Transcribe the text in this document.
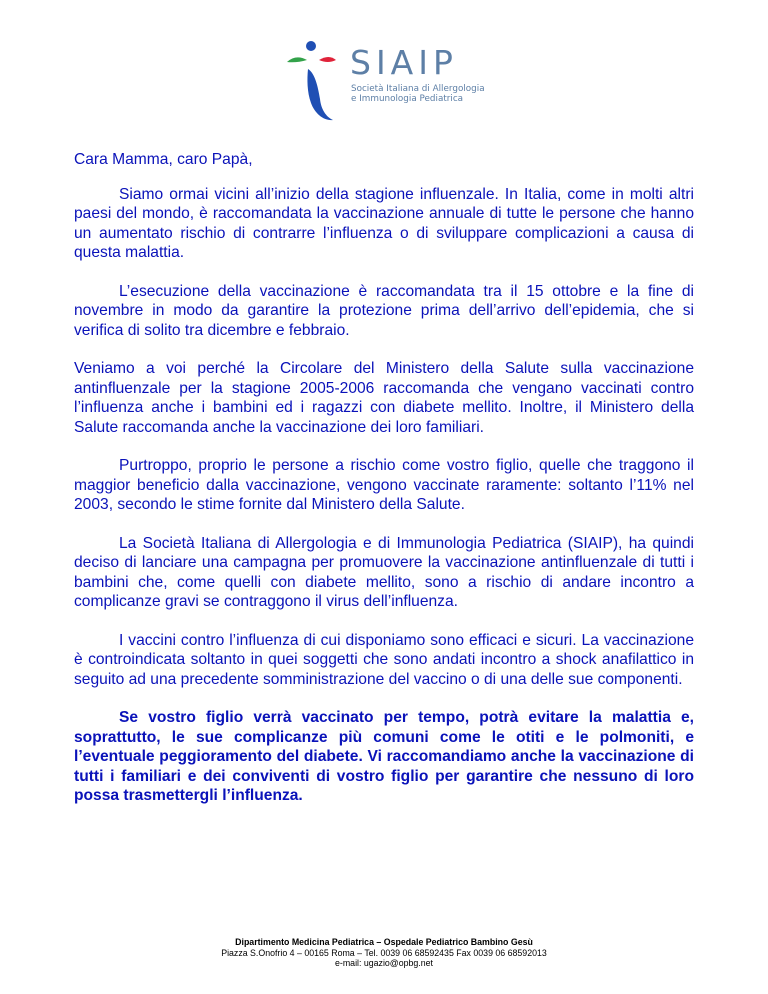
SIAIP
Società Italiana di Allergologia
e Immunologia Pediatrica

Cara Mamma, caro Papà,

Siamo ormai vicini all’inizio della stagione influenzale. In Italia, come in molti altri paesi del mondo, è raccomandata la vaccinazione annuale di tutte le persone che hanno un aumentato rischio di contrarre l’influenza o di sviluppare complicazioni a causa di questa malattia.

L’esecuzione della vaccinazione è raccomandata tra il 15 ottobre e la fine di novembre in modo da garantire la protezione prima dell’arrivo dell’epidemia, che si verifica di solito tra dicembre e febbraio.

Veniamo a voi perché la Circolare del Ministero della Salute sulla vaccinazione antinfluenzale per la stagione 2005-2006 raccomanda che vengano vaccinati contro l’influenza anche i bambini ed i ragazzi con diabete mellito. Inoltre, il Ministero della Salute raccomanda anche la vaccinazione dei loro familiari.

Purtroppo, proprio le persone a rischio come vostro figlio, quelle che traggono il maggior beneficio dalla vaccinazione, vengono vaccinate raramente: soltanto l’11% nel 2003, secondo le stime fornite dal Ministero della Salute.

La Società Italiana di Allergologia e di Immunologia Pediatrica (SIAIP), ha quindi deciso di lanciare una campagna per promuovere la vaccinazione antinfluenzale di tutti i bambini che, come quelli con diabete mellito, sono a rischio di andare incontro a complicanze gravi se contraggono il virus dell’influenza.

I vaccini contro l’influenza di cui disponiamo sono efficaci e sicuri. La vaccinazione è controindicata soltanto in quei soggetti che sono andati incontro a shock anafilattico in seguito ad una precedente somministrazione del vaccino o di una delle sue componenti.

Se vostro figlio verrà vaccinato per tempo, potrà evitare la malattia e, soprattutto, le sue complicanze più comuni come le otiti e le polmoniti, e l’eventuale peggioramento del diabete. Vi raccomandiamo anche la vaccinazione di tutti i familiari e dei conviventi di vostro figlio per garantire che nessuno di loro possa trasmettergli l’influenza.

Dipartimento Medicina Pediatrica – Ospedale Pediatrico Bambino Gesù
Piazza S.Onofrio 4 – 00165 Roma – Tel. 0039 06 68592435 Fax 0039 06 68592013
e-mail: ugazio@opbg.net
